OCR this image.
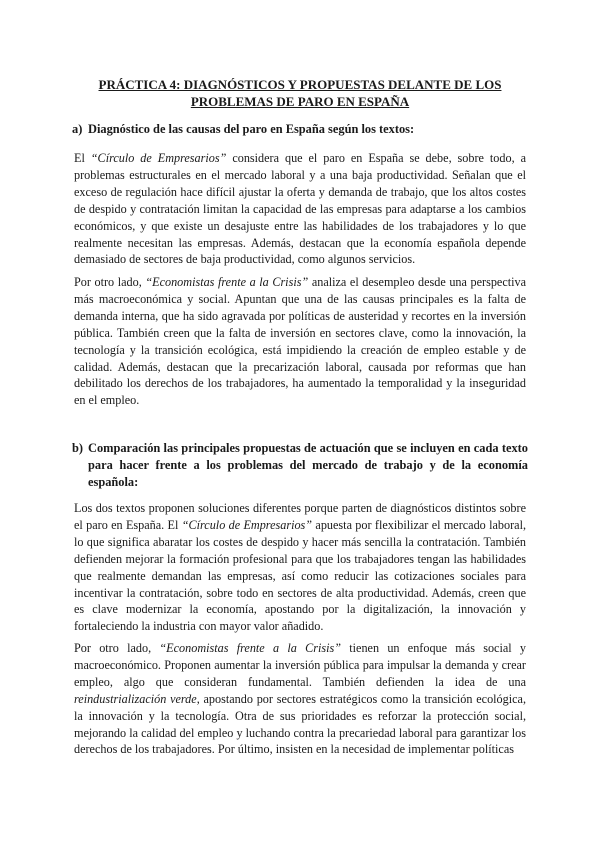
PRÁCTICA 4: DIAGNÓSTICOS Y PROPUESTAS DELANTE DE LOS
PROBLEMAS DE PARO EN ESPAÑA
a) Diagnóstico de las causas del paro en España según los textos:

El “Círculo de Empresarios” considera que el paro en España se debe, sobre todo, a problemas estructurales en el mercado laboral y a una baja productividad. Señalan que el exceso de regulación hace difícil ajustar la oferta y demanda de trabajo, que los altos costes de despido y contratación limitan la capacidad de las empresas para adaptarse a los cambios económicos, y que existe un desajuste entre las habilidades de los trabajadores y lo que realmente necesitan las empresas. Además, destacan que la economía española depende demasiado de sectores de baja productividad, como algunos servicios.

Por otro lado, “Economistas frente a la Crisis” analiza el desempleo desde una perspectiva más macroeconómica y social. Apuntan que una de las causas principales es la falta de demanda interna, que ha sido agravada por políticas de austeridad y recortes en la inversión pública. También creen que la falta de inversión en sectores clave, como la innovación, la tecnología y la transición ecológica, está impidiendo la creación de empleo estable y de calidad. Además, destacan que la precarización laboral, causada por reformas que han debilitado los derechos de los trabajadores, ha aumentado la temporalidad y la inseguridad en el empleo.

b) Comparación las principales propuestas de actuación que se incluyen en cada texto para hacer frente a los problemas del mercado de trabajo y de la economía española:

Los dos textos proponen soluciones diferentes porque parten de diagnósticos distintos sobre el paro en España. El “Círculo de Empresarios” apuesta por flexibilizar el mercado laboral, lo que significa abaratar los costes de despido y hacer más sencilla la contratación. También defienden mejorar la formación profesional para que los trabajadores tengan las habilidades que realmente demandan las empresas, así como reducir las cotizaciones sociales para incentivar la contratación, sobre todo en sectores de alta productividad. Además, creen que es clave modernizar la economía, apostando por la digitalización, la innovación y fortaleciendo la industria con mayor valor añadido.

Por otro lado, “Economistas frente a la Crisis” tienen un enfoque más social y macroeconómico. Proponen aumentar la inversión pública para impulsar la demanda y crear empleo, algo que consideran fundamental. También defienden la idea de una reindustrialización verde, apostando por sectores estratégicos como la transición ecológica, la innovación y la tecnología. Otra de sus prioridades es reforzar la protección social, mejorando la calidad del empleo y luchando contra la precariedad laboral para garantizar los derechos de los trabajadores. Por último, insisten en la necesidad de implementar políticas
